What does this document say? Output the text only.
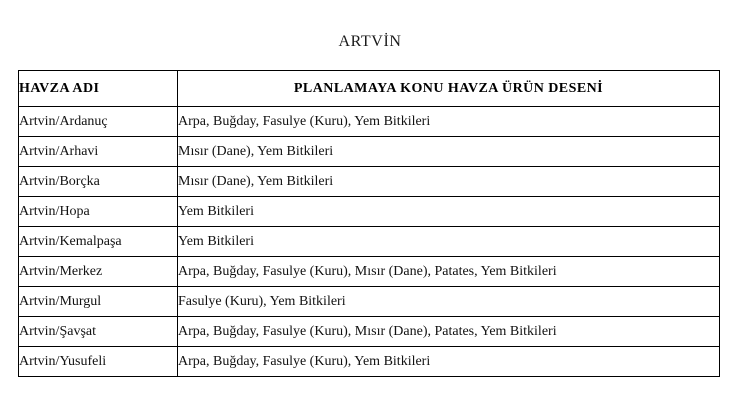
ARTVİN
HAVZA ADI	PLANLAMAYA KONU HAVZA ÜRÜN DESENİ
Artvin/Ardanuç	Arpa, Buğday, Fasulye (Kuru), Yem Bitkileri
Artvin/Arhavi	Mısır (Dane), Yem Bitkileri
Artvin/Borçka	Mısır (Dane), Yem Bitkileri
Artvin/Hopa	Yem Bitkileri
Artvin/Kemalpaşa	Yem Bitkileri
Artvin/Merkez	Arpa, Buğday, Fasulye (Kuru), Mısır (Dane), Patates, Yem Bitkileri
Artvin/Murgul	Fasulye (Kuru), Yem Bitkileri
Artvin/Şavşat	Arpa, Buğday, Fasulye (Kuru), Mısır (Dane), Patates, Yem Bitkileri
Artvin/Yusufeli	Arpa, Buğday, Fasulye (Kuru), Yem Bitkileri
